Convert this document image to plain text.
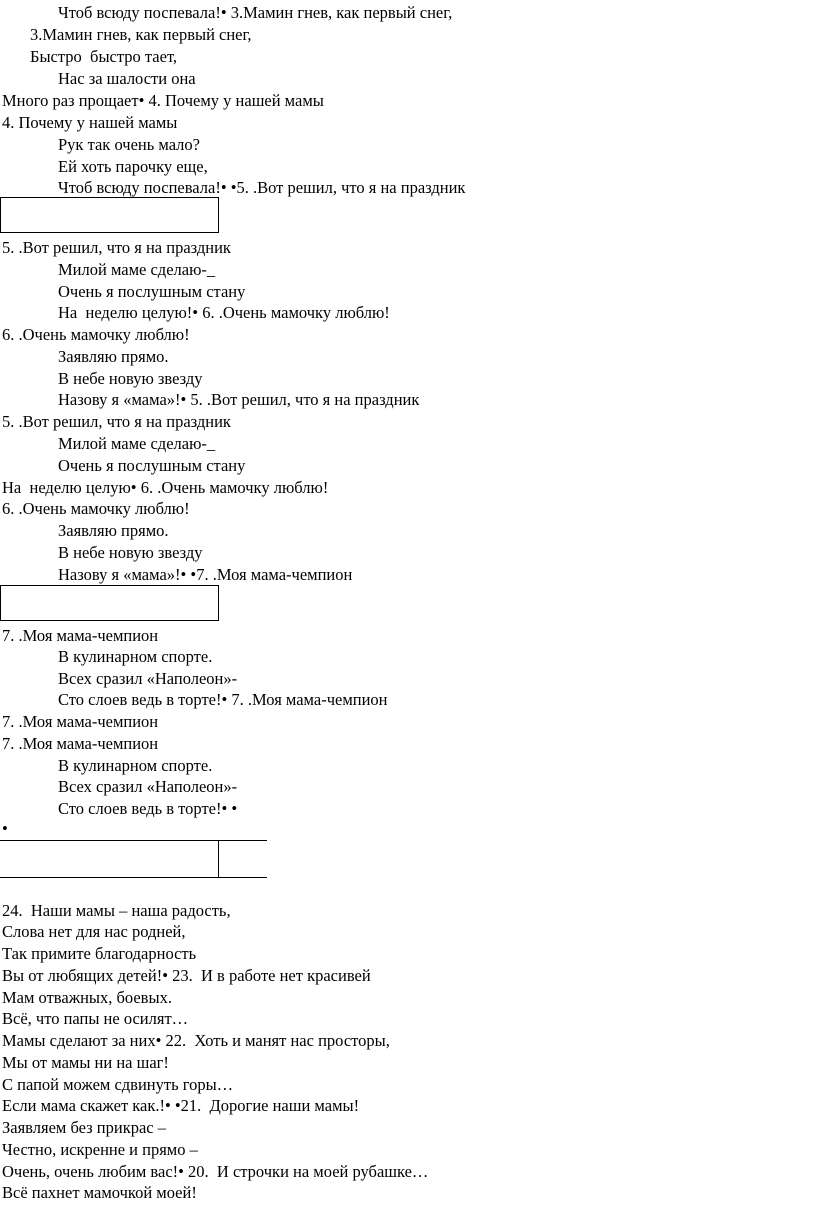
Чтоб всюду поспевала!• 3.Мамин гнев, как первый снег,
3.Мамин гнев, как первый снег,
Быстро  быстро тает,
Нас за шалости она
Много раз прощает• 4. Почему у нашей мамы
4. Почему у нашей мамы
Рук так очень мало?
Ей хоть парочку еще,
Чтоб всюду поспевала!• •5. .Вот решил, что я на праздник
5. .Вот решил, что я на праздник
Милой маме сделаю-_
Очень я послушным стану
На  неделю целую!• 6. .Очень мамочку люблю!
6. .Очень мамочку люблю!
Заявляю прямо.
В небе новую звезду
Назову я «мама»!• 5. .Вот решил, что я на праздник
5. .Вот решил, что я на праздник
Милой маме сделаю-_
Очень я послушным стану
На  неделю целую• 6. .Очень мамочку люблю!
6. .Очень мамочку люблю!
Заявляю прямо.
В небе новую звезду
Назову я «мама»!• •7. .Моя мама-чемпион
7. .Моя мама-чемпион
В кулинарном спорте.
Всех сразил «Наполеон»-
Сто слоев ведь в торте!• 7. .Моя мама-чемпион
7. .Моя мама-чемпион
7. .Моя мама-чемпион
В кулинарном спорте.
Всех сразил «Наполеон»-
Сто слоев ведь в торте!• •
•
24.  Наши мамы – наша радость,
Слова нет для нас родней,
Так примите благодарность
Вы от любящих детей!• 23.  И в работе нет красивей
Мам отважных, боевых.
Всё, что папы не осилят…
Мамы сделают за них• 22.  Хоть и манят нас просторы,
Мы от мамы ни на шаг!
С папой можем сдвинуть горы…
Если мама скажет как.!• •21.  Дорогие наши мамы!
Заявляем без прикрас –
Честно, искренне и прямо –
Очень, очень любим вас!• 20.  И строчки на моей рубашке…
Всё пахнет мамочкой моей!
